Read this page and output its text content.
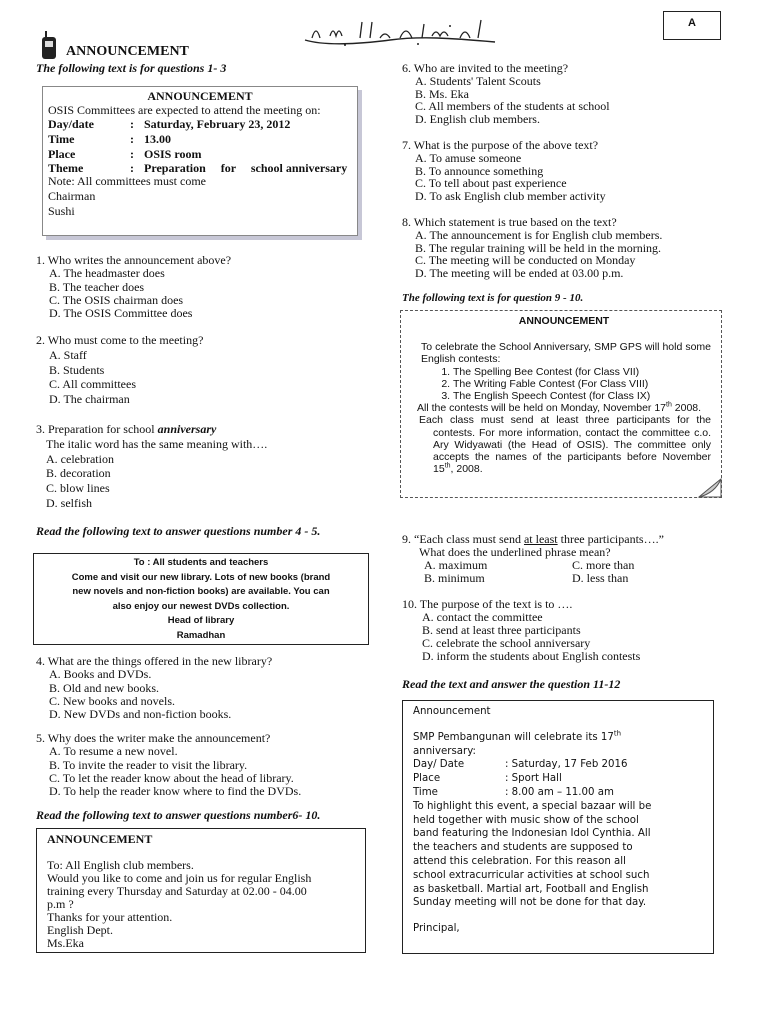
A
ANNOUNCEMENT
The following text is for questions 1- 3
ANNOUNCEMENT
OSIS Committees are expected to attend the meeting on:
Day/date	: Saturday, February 23, 2012
Time	: 13.00
Place	: OSIS room
Theme	: Preparation     for     school anniversary
Note: All committees must come
Chairman
Sushi
1. Who writes the announcement above?
A. The headmaster does
B. The teacher does
C. The OSIS chairman does
D. The OSIS Committee does
2. Who must come to the meeting?
A. Staff
B. Students
C. All committees
D. The chairman
3. Preparation for school anniversary
The italic word has the same meaning with….
A. celebration
B. decoration
C. blow lines
D. selfish
Read the following text to answer questions number 4 - 5.
To : All students and teachers
Come and visit our new library. Lots of new books (brand
new novels and non-fiction books) are available. You can
also enjoy our newest DVDs collection.
Head of library
Ramadhan
4. What are the things offered in the new library?
A. Books and DVDs.
B. Old and new books.
C. New books and novels.
D. New DVDs and non-fiction books.
5. Why does the writer make the announcement?
A. To resume a new novel.
B. To invite the reader to visit the library.
C. To let the reader know about the head of library.
D. To help the reader know where to find the DVDs.
Read the following text to answer questions number6- 10.
ANNOUNCEMENT
To: All English club members.
Would you like to come and join us for regular English
training every Thursday and Saturday at 02.00 - 04.00
p.m ?
Thanks for your attention.
English Dept.
Ms.Eka
6. Who are invited to the meeting?
A. Students' Talent Scouts
B. Ms. Eka
C. All members of the students at school
D. English club members.
7. What is the purpose of the above text?
A. To amuse someone
B. To announce something
C. To tell about past experience
D. To ask English club member activity
8. Which statement is true based on the text?
A. The announcement is for English club members.
B. The regular training will be held in the morning.
C. The meeting will be conducted on Monday
D. The meeting will be ended at 03.00 p.m.
The following text is for question 9 - 10.
ANNOUNCEMENT
To celebrate the School Anniversary, SMP GPS will hold some English contests:
1. The Spelling Bee Contest (for Class VII)
2. The Writing Fable Contest (For Class VIII)
3. The English Speech Contest (for Class IX)
All the contests will be held on Monday, November 17th 2008.
Each class must send at least three participants for the contests. For more information, contact the committee c.o. Ary Widyawati (the Head of OSIS). The committee only accepts the names of the participants before November 15th, 2008.
9. “Each class must send at least three participants….”
What does the underlined phrase mean?
A. maximum	C. more than
B. minimum	D. less than
10. The purpose of the text is to ….
A. contact the committee
B. send at least three participants
C. celebrate the school anniversary
D. inform the students about English contests
Read the text and answer the question 11-12
Announcement
SMP Pembangunan will celebrate its 17th
anniversary:
Day/ Date	: Saturday, 17 Feb 2016
Place	: Sport Hall
Time	: 8.00 am – 11.00 am
To highlight this event, a special bazaar will be
held together with music show of the school
band featuring the Indonesian Idol Cynthia. All
the teachers and students are supposed to
attend this celebration. For this reason all
school extracurricular activities at school such
as basketball. Martial art, Football and English
Sunday meeting will not be done for that day.
Principal,
